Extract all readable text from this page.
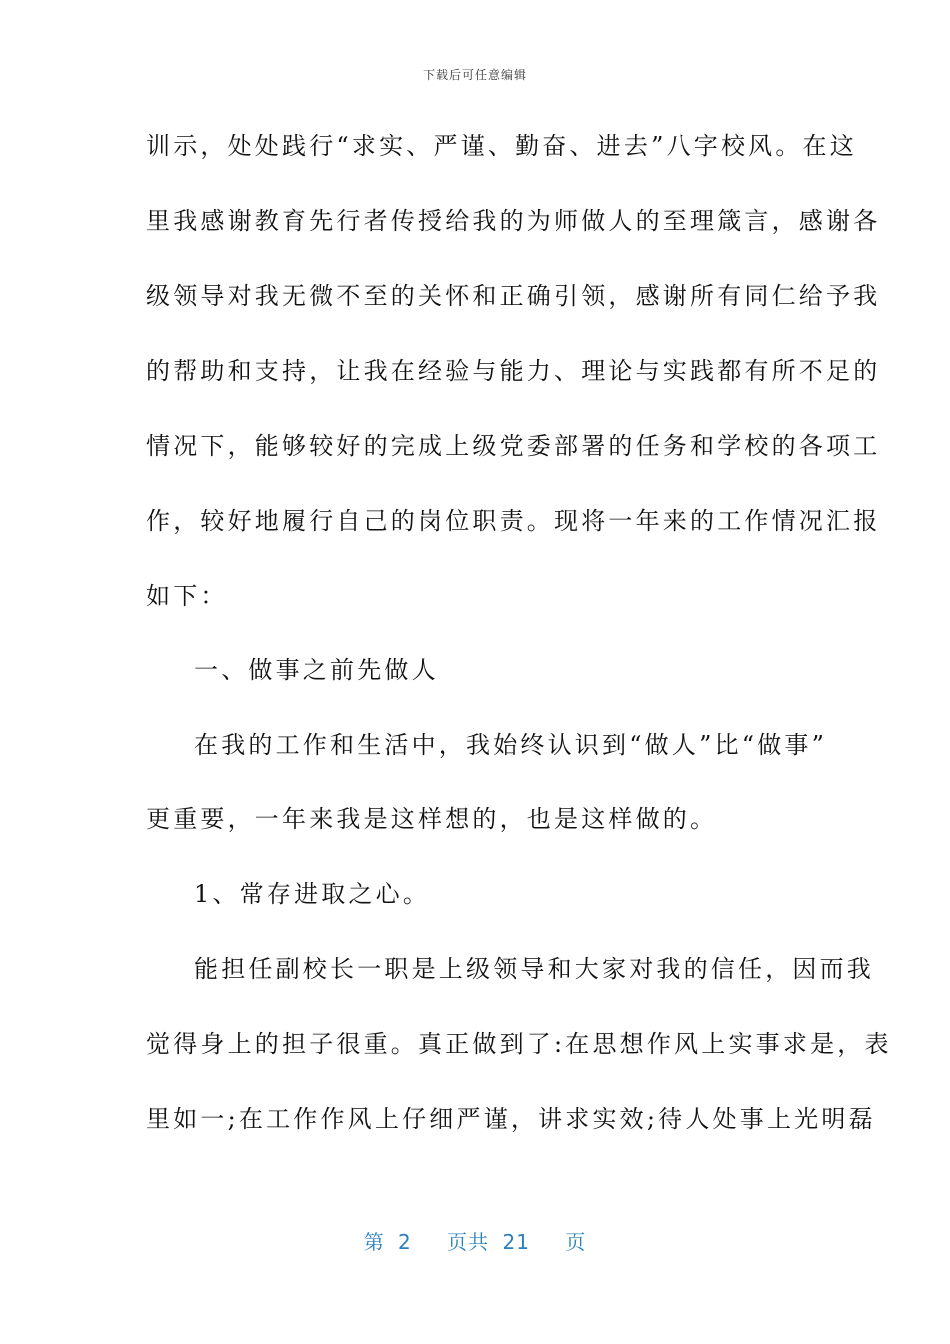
下载后可任意编辑
训示，处处践行“求实、严谨、勤奋、进去”八字校风。在这
里我感谢教育先行者传授给我的为师做人的至理箴言，感谢各
级领导对我无微不至的关怀和正确引领，感谢所有同仁给予我
的帮助和支持，让我在经验与能力、理论与实践都有所不足的
情况下，能够较好的完成上级党委部署的任务和学校的各项工
作，较好地履行自己的岗位职责。现将一年来的工作情况汇报
如下：
一、做事之前先做人
在我的工作和生活中，我始终认识到“做人”比“做事”
更重要，一年来我是这样想的，也是这样做的。
1、常存进取之心。
能担任副校长一职是上级领导和大家对我的信任，因而我
觉得身上的担子很重。真正做到了:在思想作风上实事求是，表
里如一;在工作作风上仔细严谨，讲求实效;待人处事上光明磊
第 2 页共 21 页
